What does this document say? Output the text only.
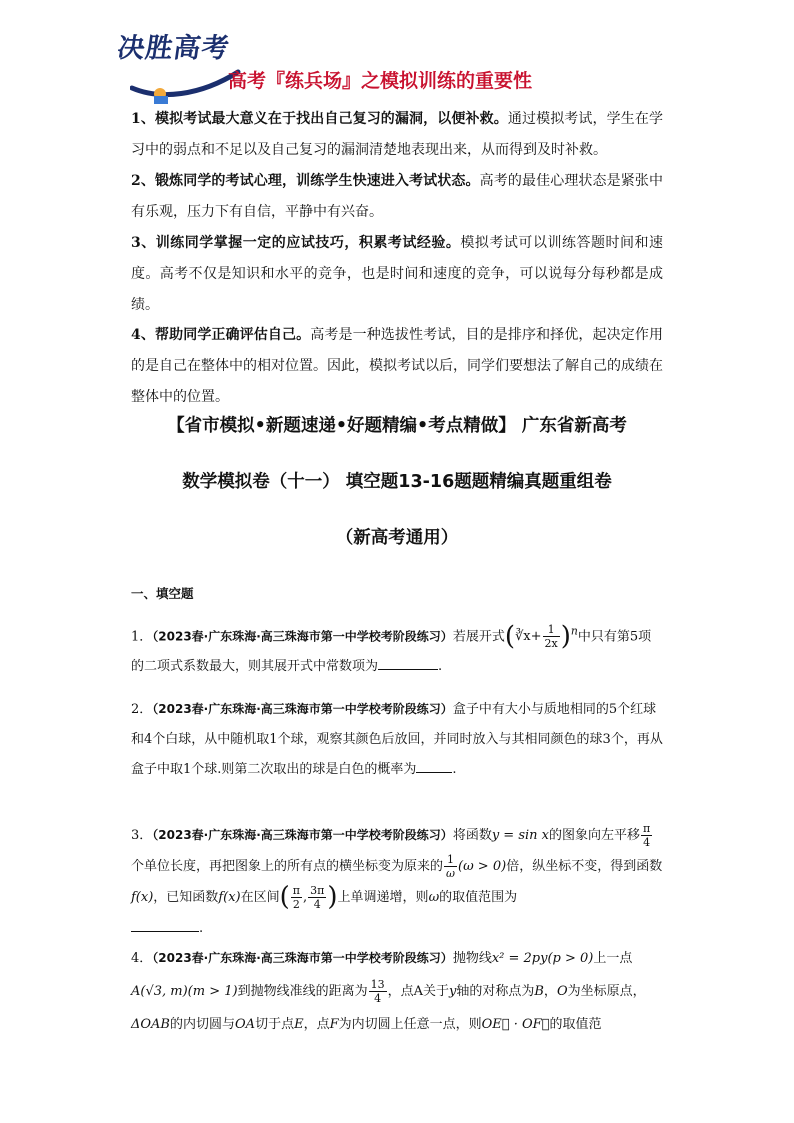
决胜高考
高考『练兵场』之模拟训练的重要性

1、模拟考试最大意义在于找出自己复习的漏洞，以便补救。通过模拟考试，学生在学习中的弱点和不足以及自己复习的漏洞清楚地表现出来，从而得到及时补救。

2、锻炼同学的考试心理，训练学生快速进入考试状态。高考的最佳心理状态是紧张中有乐观，压力下有自信，平静中有兴奋。

3、训练同学掌握一定的应试技巧，积累考试经验。模拟考试可以训练答题时间和速度。高考不仅是知识和水平的竞争，也是时间和速度的竞争，可以说每分每秒都是成绩。

4、帮助同学正确评估自己。高考是一种选拔性考试，目的是排序和择优，起决定作用的是自己在整体中的相对位置。因此，模拟考试以后，同学们要想法了解自己的成绩在整体中的位置。

【省市模拟•新题速递•好题精编•考点精做】 广东省新高考
数学模拟卷（十一） 填空题13-16题题精编真题重组卷
（新高考通用）
一、填空题

1．（2023春·广东珠海·高三珠海市第一中学校考阶段练习）若展开式(∛x+ $\frac{1}{2x} )^n$中只有第5项的二项式系数最大，则其展开式中常数项为	.

2．（2023春·广东珠海·高三珠海市第一中学校考阶段练习）盒子中有大小与质地相同的5个红球和4个白球，从中随机取1个球，观察其颜色后放回，并同时放入与其相同颜色的球3个，再从盒子中取1个球.则第二次取出的球是白色的概率为	.

3．（2023春·广东珠海·高三珠海市第一中学校考阶段练习）将函数y = sin x的图象向左平移 $\frac{\pi}{4}$
个单位长度，再把图象上的所有点的横坐标变为原来的 $\frac{1}{\omega} (\omega > 0)$倍，纵坐标不变，得到函数f(x)，已知函数f(x)在区间( $\frac{\pi}{2}$ , $\frac{3\pi}{4}$ )上单调递增，则ω的取值范围为
.

4．（2023春·广东珠海·高三珠海市第一中学校考阶段练习）抛物线x² = 2py(p > 0)上一点A(√3, m)(m > 1)到抛物线准线的距离为 $\frac{13}{4}$ ，点A关于y轴的对称点为B，O为坐标原点，ΔOAB的内切圆与OA切于点E，点F为内切圆上任意一点，则OE⃗ · OF⃗的取值范
